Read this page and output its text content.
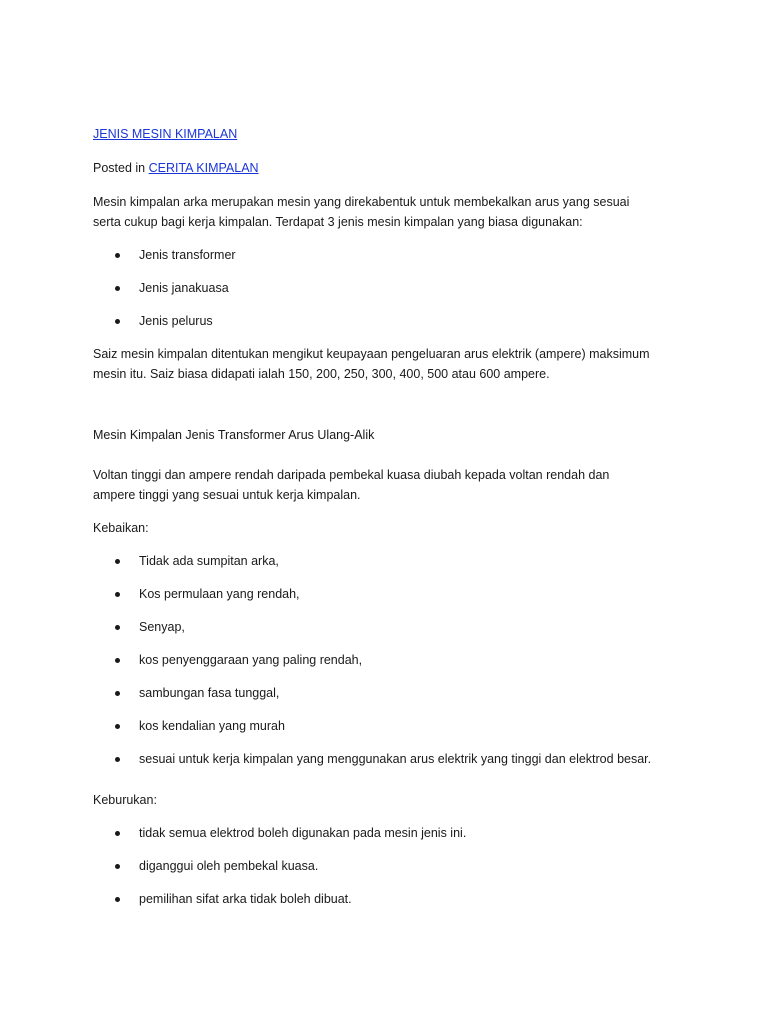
JENIS MESIN KIMPALAN

Posted in CERITA KIMPALAN

Mesin kimpalan arka merupakan mesin yang direkabentuk untuk membekalkan arus yang sesuai

serta cukup bagi kerja kimpalan. Terdapat 3 jenis mesin kimpalan yang biasa digunakan:

Jenis transformer
Jenis janakuasa
Jenis pelurus

Saiz mesin kimpalan ditentukan mengikut keupayaan pengeluaran arus elektrik (ampere) maksimum

mesin itu. Saiz biasa didapati ialah 150, 200, 250, 300, 400, 500 atau 600 ampere.

Mesin Kimpalan Jenis Transformer Arus Ulang-Alik

Voltan tinggi dan ampere rendah daripada pembekal kuasa diubah kepada voltan rendah dan

ampere tinggi yang sesuai untuk kerja kimpalan.

Kebaikan:

Tidak ada sumpitan arka,
Kos permulaan yang rendah,
Senyap,
kos penyenggaraan yang paling rendah,
sambungan fasa tunggal,
kos kendalian yang murah
sesuai untuk kerja kimpalan yang menggunakan arus elektrik yang tinggi dan elektrod besar.

Keburukan:

tidak semua elektrod boleh digunakan pada mesin jenis ini.
diganggui oleh pembekal kuasa.
pemilihan sifat arka tidak boleh dibuat.
